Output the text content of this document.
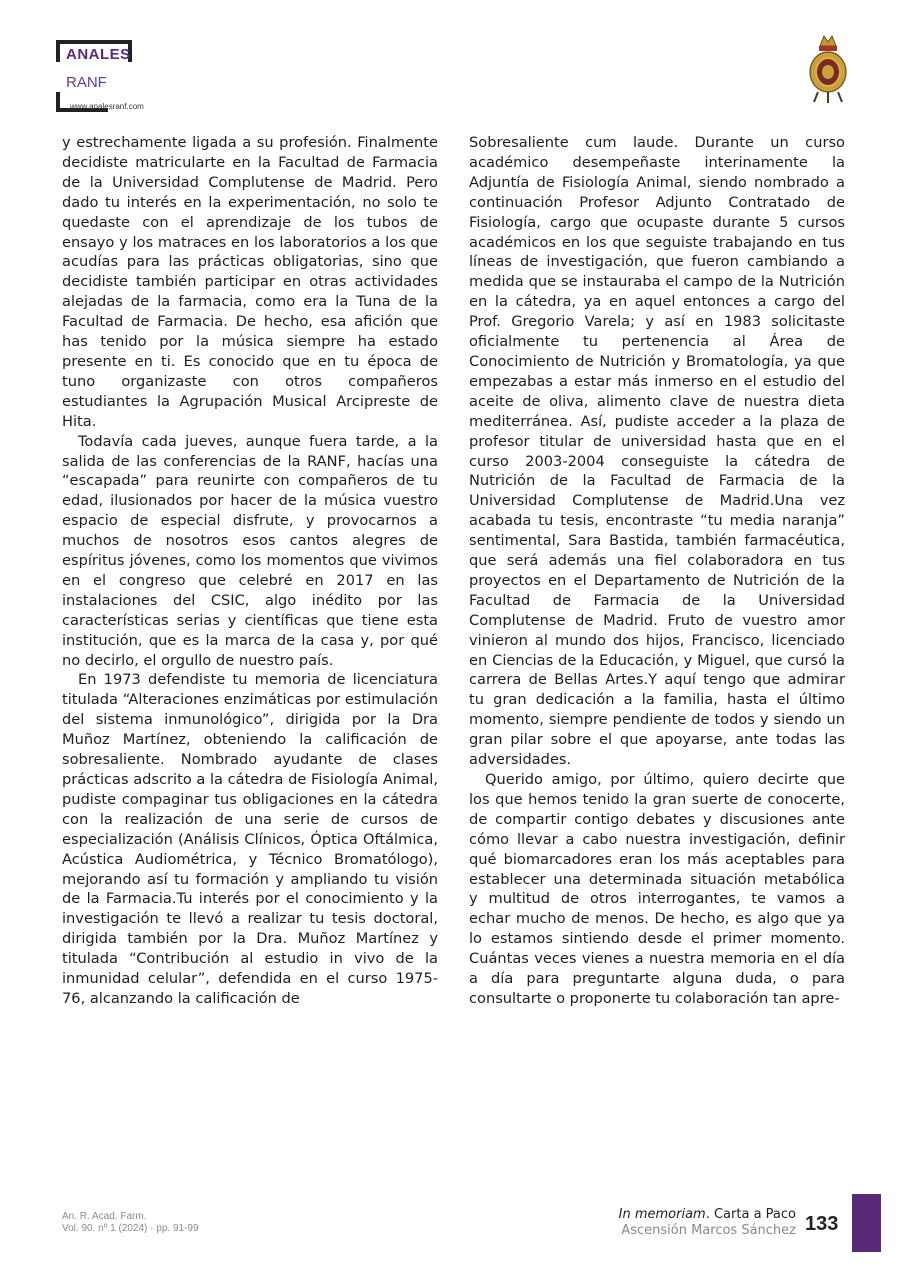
ANALES
RANF
www.analesranf.com

y estrechamente ligada a su profesión. Finalmente decidiste matricularte en la Facultad de Farmacia de la Universidad Complutense de Madrid. Pero dado tu interés en la experimentación, no solo te quedaste con el aprendizaje de los tubos de ensayo y los matraces en los laboratorios a los que acudías para las prácticas obligatorias, sino que decidiste también participar en otras actividades alejadas de la farmacia, como era la Tuna de la Facultad de Farmacia. De hecho, esa afición que has tenido por la música siempre ha estado presente en ti. Es conocido que en tu época de tuno organizaste con otros compañeros estudiantes la Agrupación Musical Arcipreste de Hita.

Todavía cada jueves, aunque fuera tarde, a la salida de las conferencias de la RANF, hacías una “escapada” para reunirte con compañeros de tu edad, ilusionados por hacer de la música vuestro espacio de especial disfrute, y provocarnos a muchos de nosotros esos cantos alegres de espíritus jóvenes, como los momentos que vivimos en el congreso que celebré en 2017 en las instalaciones del CSIC, algo inédito por las características serias y científicas que tiene esta institución, que es la marca de la casa y, por qué no decirlo, el orgullo de nuestro país.

En 1973 defendiste tu memoria de licenciatura titulada “Alteraciones enzimáticas por estimulación del sistema inmunológico”, dirigida por la Dra Muñoz Martínez, obteniendo la calificación de sobresaliente. Nombrado ayudante de clases prácticas adscrito a la cátedra de Fisiología Animal, pudiste compaginar tus obligaciones en la cátedra con la realización de una serie de cursos de especialización (Análisis Clínicos, Óptica Oftálmica, Acústica Audiométrica, y Técnico Bromatólogo), mejorando así tu formación y ampliando tu visión de la Farmacia.Tu interés por el conocimiento y la investigación te llevó a realizar tu tesis doctoral, dirigida también por la Dra. Muñoz Martínez y titulada “Contribución al estudio in vivo de la inmunidad celular”, defendida en el curso 1975-76, alcanzando la calificación de

Sobresaliente cum laude. Durante un curso académico desempeñaste interinamente la Adjuntía de Fisiología Animal, siendo nombrado a continuación Profesor Adjunto Contratado de Fisiología, cargo que ocupaste durante 5 cursos académicos en los que seguiste trabajando en tus líneas de investigación, que fueron cambiando a medida que se instauraba el campo de la Nutrición en la cátedra, ya en aquel entonces a cargo del Prof. Gregorio Varela; y así en 1983 solicitaste oficialmente tu pertenencia al Área de Conocimiento de Nutrición y Bromatología, ya que empezabas a estar más inmerso en el estudio del aceite de oliva, alimento clave de nuestra dieta mediterránea. Así, pudiste acceder a la plaza de profesor titular de universidad hasta que en el curso 2003-2004 conseguiste la cátedra de Nutrición de la Facultad de Farmacia de la Universidad Complutense de Madrid.Una vez acabada tu tesis, encontraste “tu media naranja” sentimental, Sara Bastida, también farmacéutica, que será además una fiel colaboradora en tus proyectos en el Departamento de Nutrición de la Facultad de Farmacia de la Universidad Complutense de Madrid. Fruto de vuestro amor vinieron al mundo dos hijos, Francisco, licenciado en Ciencias de la Educación, y Miguel, que cursó la carrera de Bellas Artes.Y aquí tengo que admirar tu gran dedicación a la familia, hasta el último momento, siempre pendiente de todos y siendo un gran pilar sobre el que apoyarse, ante todas las adversidades.

Querido amigo, por último, quiero decirte que los que hemos tenido la gran suerte de conocerte, de compartir contigo debates y discusiones ante cómo llevar a cabo nuestra investigación, definir qué biomarcadores eran los más aceptables para establecer una determinada situación metabólica y multitud de otros interrogantes, te vamos a echar mucho de menos. De hecho, es algo que ya lo estamos sintiendo desde el primer momento. Cuántas veces vienes a nuestra memoria en el día a día para preguntarte alguna duda, o para consultarte o proponerte tu colaboración tan apre-

An. R. Acad. Farm.
Vol. 90. nº 1 (2024) · pp. 91-99
In memoriam. Carta a Paco
Ascensión Marcos Sánchez 133
